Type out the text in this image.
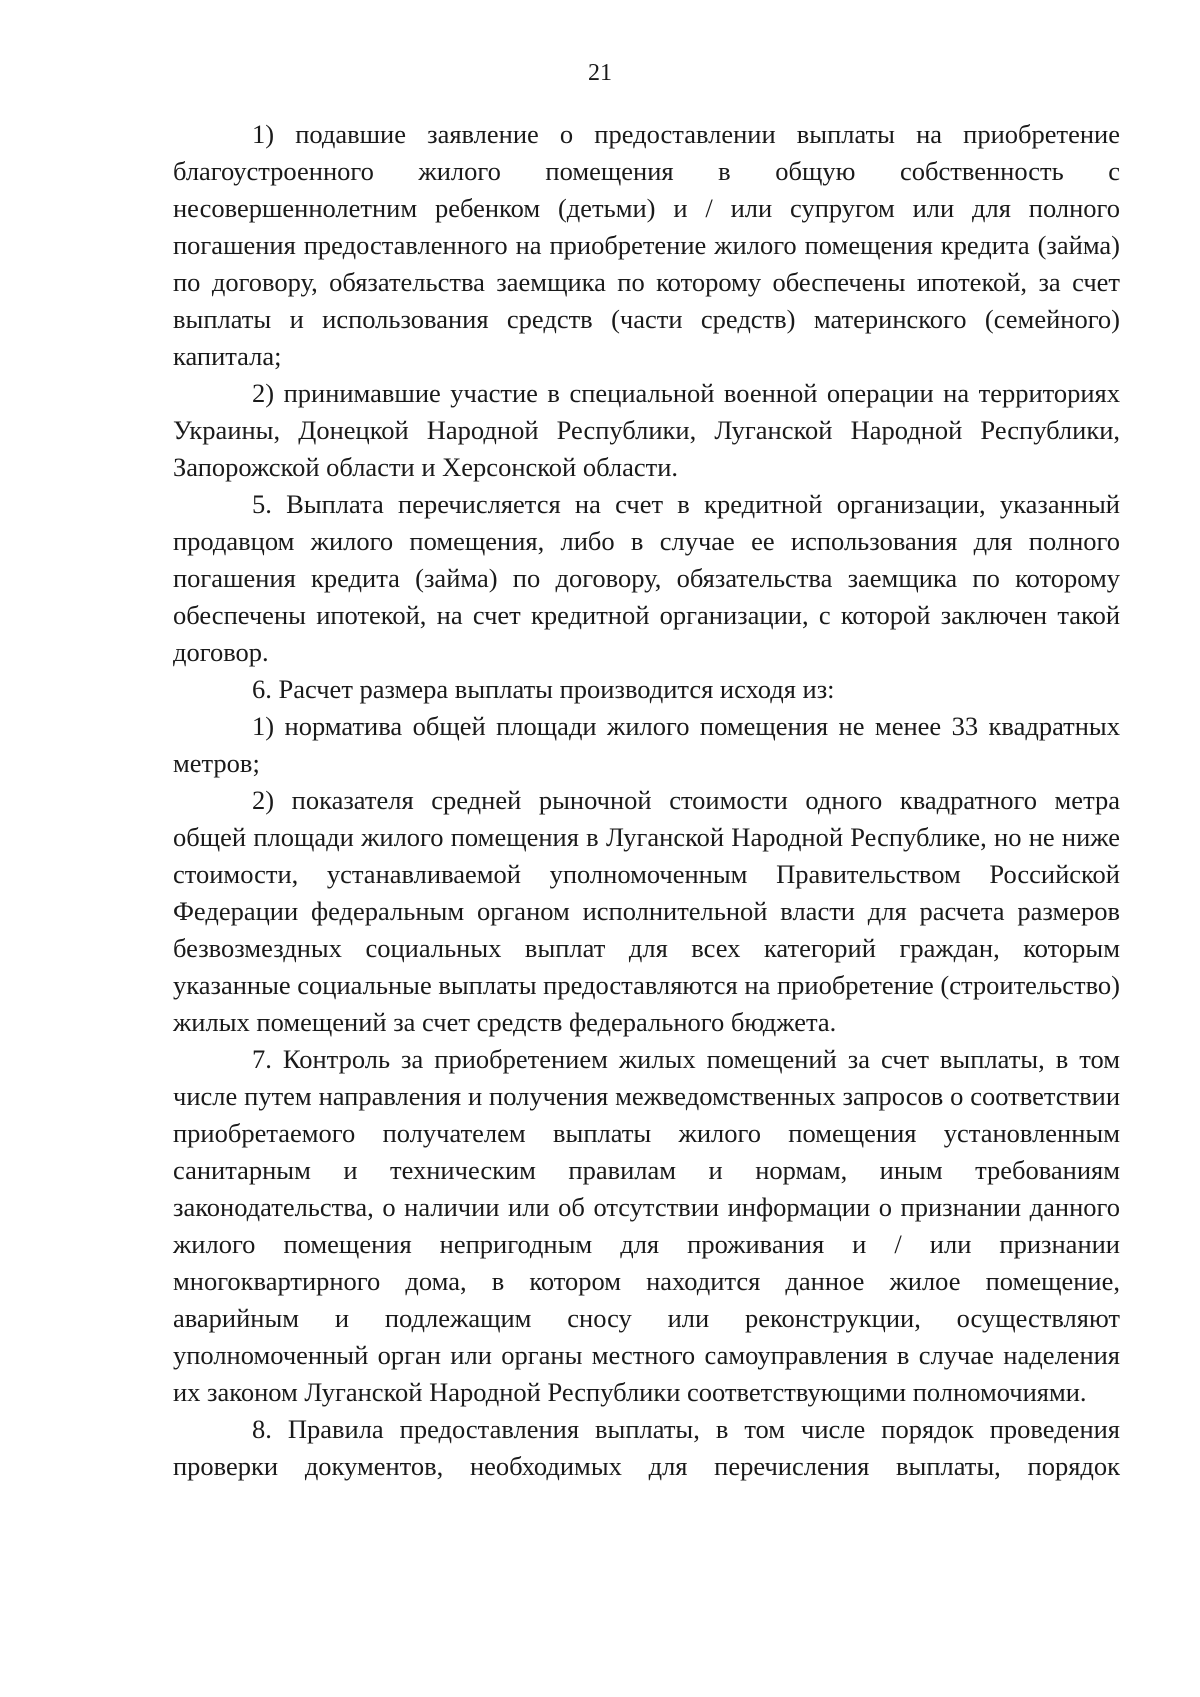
21

1) подавшие заявление о предоставлении выплаты на приобретение благоустроенного жилого помещения в общую собственность с несовершеннолетним ребенком (детьми) и / или супругом или для полного погашения предоставленного на приобретение жилого помещения кредита (займа) по договору, обязательства заемщика по которому обеспечены ипотекой, за счет выплаты и использования средств (части средств) материнского (семейного) капитала;

2) принимавшие участие в специальной военной операции на территориях Украины, Донецкой Народной Республики, Луганской Народной Республики, Запорожской области и Херсонской области.

5. Выплата перечисляется на счет в кредитной организации, указанный продавцом жилого помещения, либо в случае ее использования для полного погашения кредита (займа) по договору, обязательства заемщика по которому обеспечены ипотекой, на счет кредитной организации, с которой заключен такой договор.

6. Расчет размера выплаты производится исходя из:

1) норматива общей площади жилого помещения не менее 33 квадратных метров;

2) показателя средней рыночной стоимости одного квадратного метра общей площади жилого помещения в Луганской Народной Республике, но не ниже стоимости, устанавливаемой уполномоченным Правительством Российской Федерации федеральным органом исполнительной власти для расчета размеров безвозмездных социальных выплат для всех категорий граждан, которым указанные социальные выплаты предоставляются на приобретение (строительство) жилых помещений за счет средств федерального бюджета.

7. Контроль за приобретением жилых помещений за счет выплаты, в том числе путем направления и получения межведомственных запросов о соответствии приобретаемого получателем выплаты жилого помещения установленным санитарным и техническим правилам и нормам, иным требованиям законодательства, о наличии или об отсутствии информации о признании данного жилого помещения непригодным для проживания и / или признании многоквартирного дома, в котором находится данное жилое помещение, аварийным и подлежащим сносу или реконструкции, осуществляют уполномоченный орган или органы местного самоуправления в случае наделения их законом Луганской Народной Республики соответствующими полномочиями.

8. Правила предоставления выплаты, в том числе порядок проведения проверки документов, необходимых для перечисления выплаты, порядок
